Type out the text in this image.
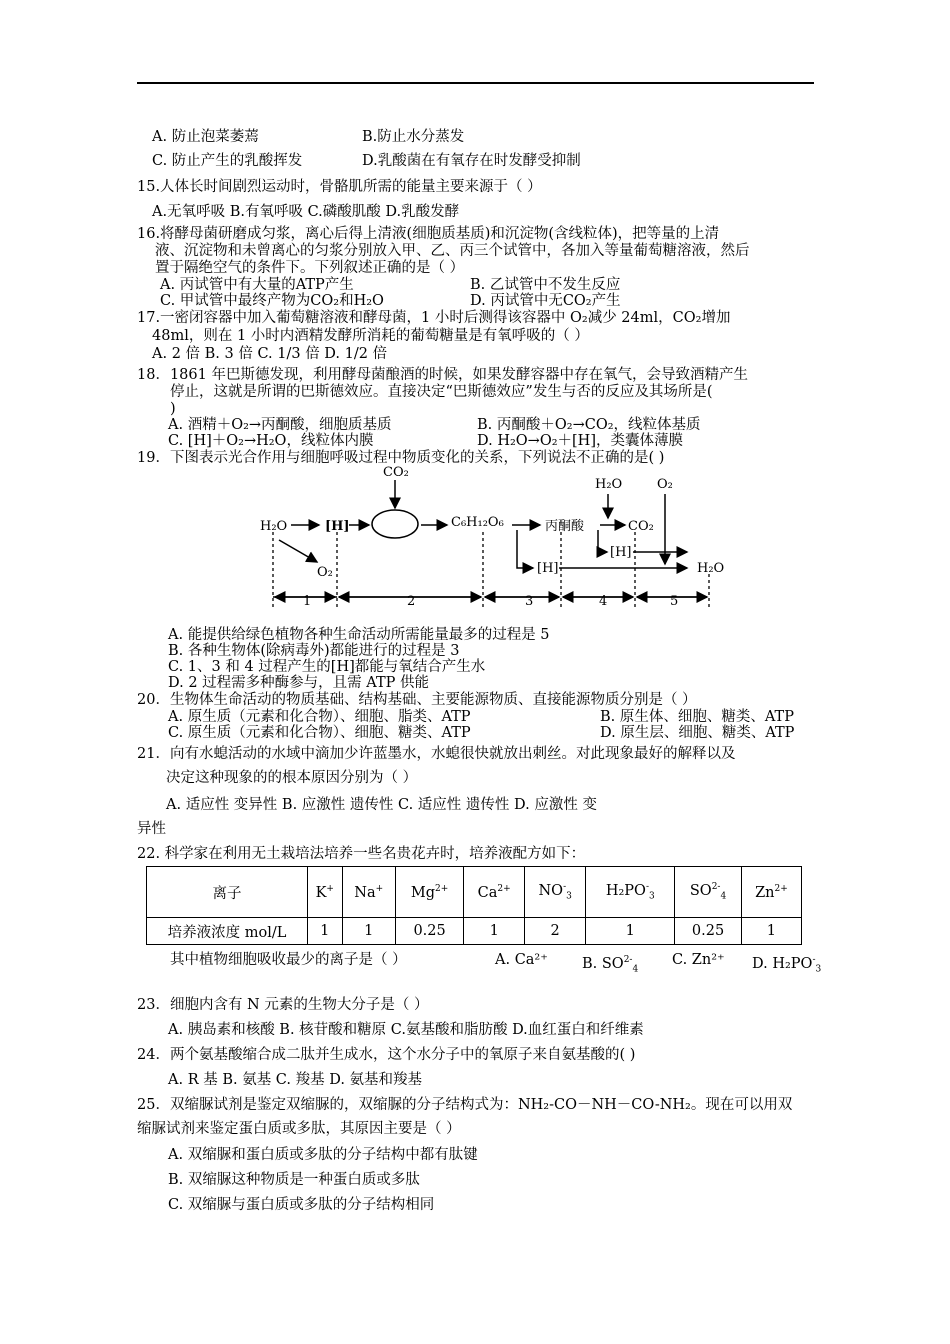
A. 防止泡菜萎蔫	B.防止水分蒸发
C. 防止产生的乳酸挥发	D.乳酸菌在有氧存在时发酵受抑制
15.人体长时间剧烈运动时，骨骼肌所需的能量主要来源于（ ）
A.无氧呼吸 B.有氧呼吸 C.磷酸肌酸 D.乳酸发酵
16.将酵母菌研磨成匀浆，离心后得上清液(细胞质基质)和沉淀物(含线粒体)，把等量的上清
液、沉淀物和未曾离心的匀浆分别放入甲、乙、丙三个试管中，各加入等量葡萄糖溶液，然后
置于隔绝空气的条件下。下列叙述正确的是（ ）
A. 丙试管中有大量的ATP产生	B. 乙试管中不发生反应
C. 甲试管中最终产物为CO₂和H₂O	D. 丙试管中无CO₂产生
17.一密闭容器中加入葡萄糖溶液和酵母菌，1 小时后测得该容器中 O₂减少 24ml，CO₂增加
48ml，则在 1 小时内酒精发酵所消耗的葡萄糖量是有氧呼吸的（ ）
A. 2 倍 B. 3 倍 C. 1/3 倍 D. 1/2 倍
18．1861 年巴斯德发现，利用酵母菌酿酒的时候，如果发酵容器中存在氧气，会导致酒精产生
停止，这就是所谓的巴斯德效应。直接决定“巴斯德效应”发生与否的反应及其场所是(
)
A. 酒精＋O₂→丙酮酸，细胞质基质	B. 丙酮酸＋O₂→CO₂，线粒体基质
C. [H]＋O₂→H₂O，线粒体内膜	D. H₂O→O₂＋[H]，类囊体薄膜
19．下图表示光合作用与细胞呼吸过程中物质变化的关系，下列说法不正确的是( )
CO₂
H₂O	[H]
O₂
C₆H₁₂O₆	丙酮酸	CO₂
H₂O	O₂
[H]
[H]	H₂O
1	2	3	4	5
A. 能提供给绿色植物各种生命活动所需能量最多的过程是 5
B. 各种生物体(除病毒外)都能进行的过程是 3
C. 1、3 和 4 过程产生的[H]都能与氧结合产生水
D. 2 过程需多种酶参与，且需 ATP 供能
20．生物体生命活动的物质基础、结构基础、主要能源物质、直接能源物质分别是（ ）
A. 原生质（元素和化合物）、细胞、脂类、ATP	B. 原生体、细胞、糖类、ATP
C. 原生质（元素和化合物）、细胞、糖类、ATP	D. 原生层、细胞、糖类、ATP
21．向有水螅活动的水域中滴加少许蓝墨水，水螅很快就放出刺丝。对此现象最好的解释以及
决定这种现象的的根本原因分别为（ ）
A. 适应性 变异性 B. 应激性 遗传性 C. 适应性 遗传性 D. 应激性 变
异性
22. 科学家在利用无土栽培法培养一些名贵花卉时，培养液配方如下：
离子	K+	Na+	$Mg^{2+}$	$Ca^{2+}$	$NO^-_3$	$H_2PO^-_3$	$SO^{2-}_4$	$Zn^{2+}$
培养液浓度 mol/L	1	1	0.25	1	2	1	0.25	1
其中植物细胞吸收最少的离子是（ ）	A. Ca²⁺ B. $SO^{2-}_4$
C. Zn²⁺ D. $H_2PO^-_3$
23．细胞内含有 N 元素的生物大分子是（ ）
A. 胰岛素和核酸 B. 核苷酸和糖原 C.氨基酸和脂肪酸 D.血红蛋白和纤维素
24．两个氨基酸缩合成二肽并生成水，这个水分子中的氧原子来自氨基酸的( )
A. R 基 B. 氨基 C. 羧基 D. 氨基和羧基
25．双缩脲试剂是鉴定双缩脲的，双缩脲的分子结构式为：NH₂-CO－NH－CO-NH₂。现在可以用双
缩脲试剂来鉴定蛋白质或多肽，其原因主要是（ ）
A. 双缩脲和蛋白质或多肽的分子结构中都有肽键
B. 双缩脲这种物质是一种蛋白质或多肽
C. 双缩脲与蛋白质或多肽的分子结构相同
